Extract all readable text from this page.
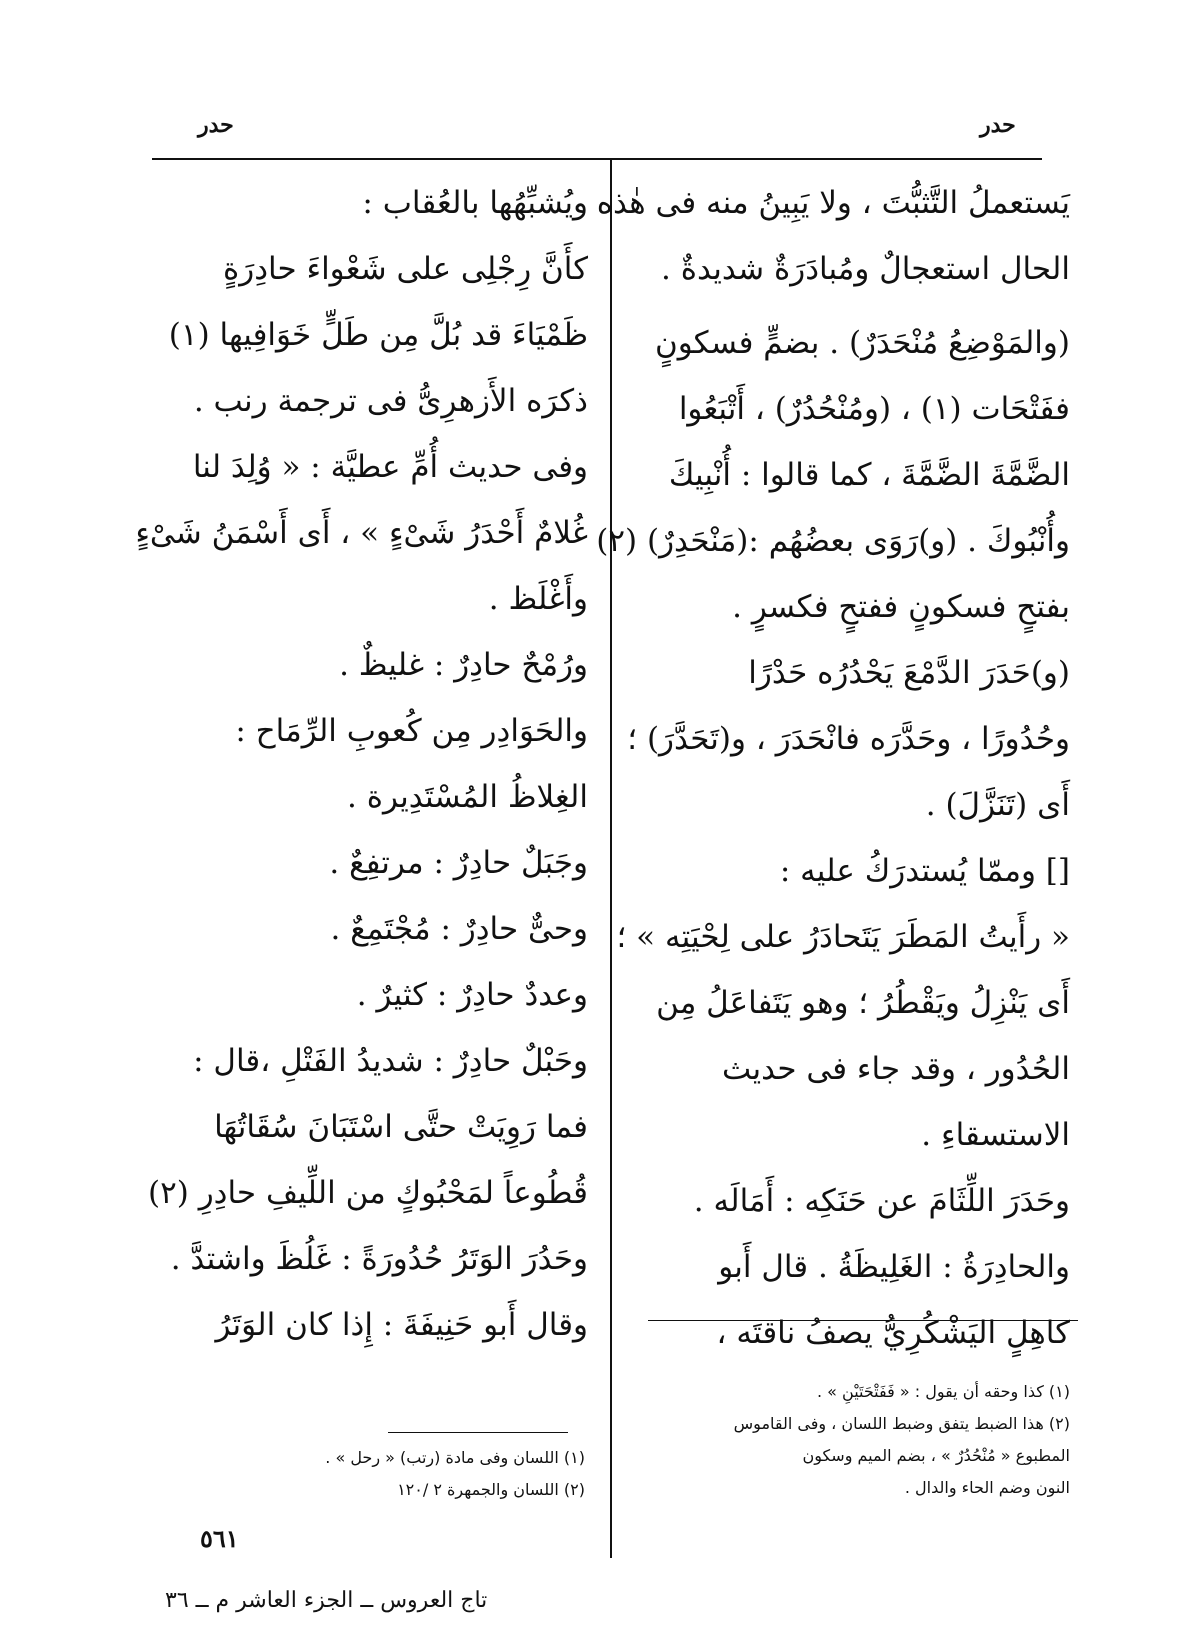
حدر
حدر
يَستعملُ التَّثبُّتَ ، ولا يَبِينُ منه فى هٰذه
الحال استعجالٌ ومُبادَرَةٌ شديدةٌ .
(والمَوْضِعُ مُنْحَدَرٌ) . بضمٍّ فسكونٍ
ففَتْحَات (١) ، (ومُنْحُدُرٌ) ، أَتْبَعُوا
الضَّمَّةَ الضَّمَّةَ ، كما قالوا : أُنْبِيكَ
وأُنْبُوكَ . (و)رَوَى بعضُهُم :(مَنْحَدِرٌ) (٢)
بفتحٍ فسكونٍ ففتحٍ فكسرٍ .
(و)حَدَرَ الدَّمْعَ يَحْدُرُه حَدْرًا
وحُدُورًا ، وحَدَّرَه فانْحَدَرَ ، و(تَحَدَّرَ) ؛
أَى (تَنَزَّلَ) .
[] وممّا يُستدرَكُ عليه :
« رأَيتُ المَطَرَ يَتَحادَرُ على لِحْيَتِه » ؛
أَى يَنْزِلُ ويَقْطُرُ ؛ وهو يَتَفاعَلُ مِن
الحُدُور ، وقد جاء فى حديث
الاستسقاءِ .
وحَدَرَ اللِّثَامَ عن حَنَكِه : أَمَالَه .
والحادِرَةُ : الغَلِيظَةُ . قال أَبو
كاهِلٍ اليَشْكُرِيُّ يصفُ ناقتَه ،
(١) كذا وحقه أن يقول : « فَفَتْحَتَيْنِ » .
(٢) هذا الضبط يتفق وضبط اللسان ، وفى القاموس
المطبوع « مُنْحُدُرٌ » ، بضم الميم وسكون
النون وضم الحاء والدال .
ويُشبِّهُها بالعُقاب :
كأَنَّ رِجْلِى على شَعْواءَ حادِرَةٍ
ظَمْيَاءَ قد بُلَّ مِن طَلٍّ خَوَافِيها (١)
ذكرَه الأَزهرِىُّ فى ترجمة رنب .
وفى حديث أُمِّ عطيَّة : « وُلِدَ لنا
غُلامٌ أَحْدَرُ شَىْءٍ » ، أَى أَسْمَنُ شَىْءٍ
وأَغْلَظ .
ورُمْحٌ حادِرٌ : غليظٌ .
والحَوَادِر مِن كُعوبِ الرِّمَاح :
الغِلاظُ المُسْتَدِيرة .
وجَبَلٌ حادِرٌ : مرتفِعٌ .
وحىٌّ حادِرٌ : مُجْتَمِعٌ .
وعددٌ حادِرٌ : كثيرٌ .
وحَبْلٌ حادِرٌ : شديدُ الفَتْلِ ،قال :
فما رَوِيَتْ حتَّى اسْتَبَانَ سُقَاتُهَا
قُطُوعاً لمَحْبُوكٍ من اللِّيفِ حادِرِ (٢)
وحَدُرَ الوَتَرُ حُدُورَةً : غَلُظَ واشتدَّ .
وقال أَبو حَنِيفَةَ : إِذا كان الوَتَرُ
(١) اللسان وفى مادة (رتب) « رحل » .
(٢) اللسان والجمهرة ٢ /١٢٠
٥٦١
تاج العروس ــ الجزء العاشر م ــ ٣٦
